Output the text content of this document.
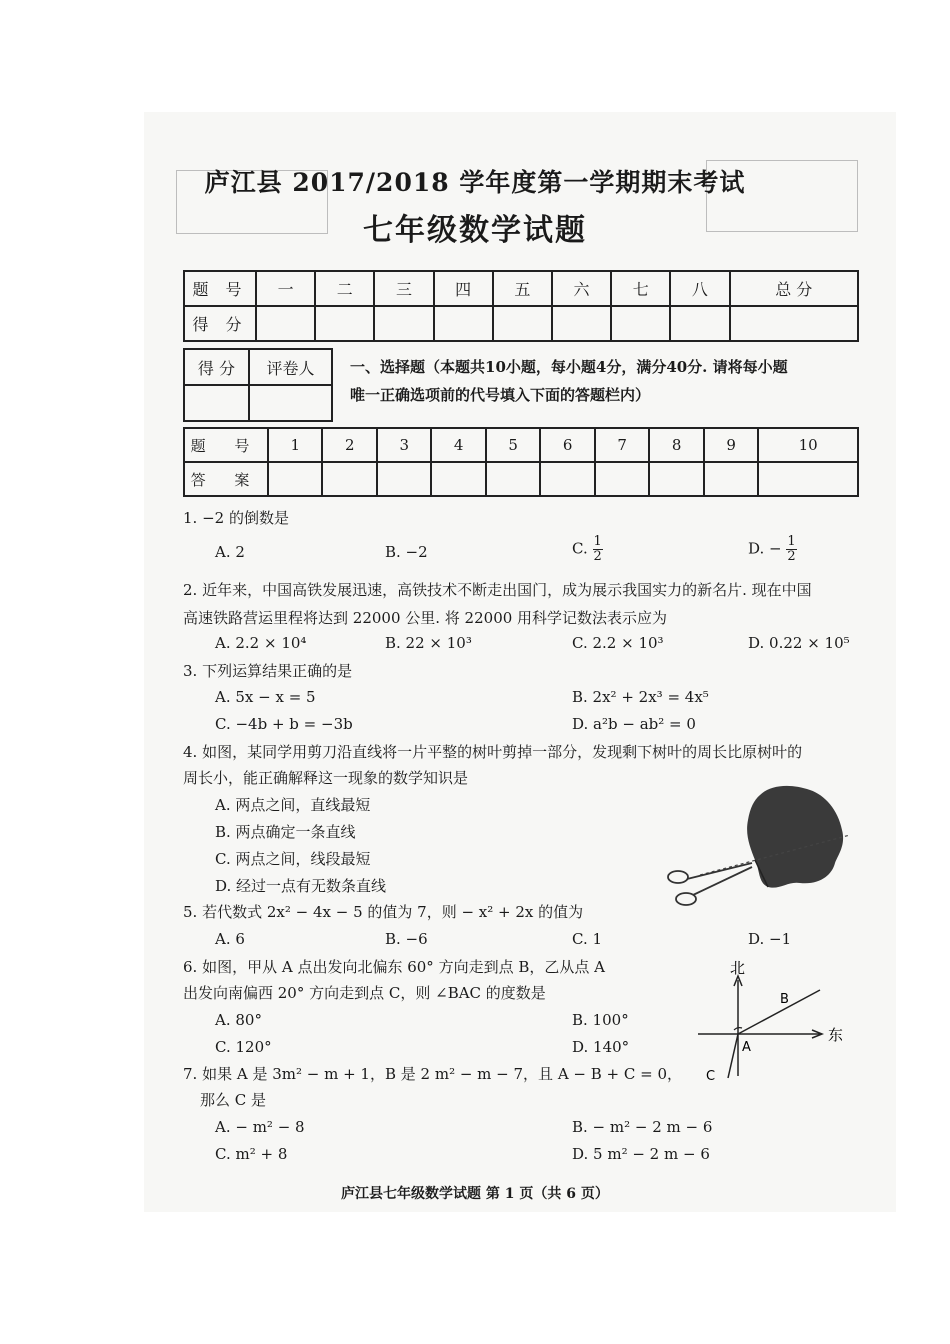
庐江县 2017/2018 学年度第一学期期末考试
七年级数学试题
题 号	一	二	三	四	五	六	七	八	总 分
得 分									
得 分	评卷人
	一、选择题（本题共10小题，每小题4分，满分40分. 请将每小题
唯一正确选项前的代号填入下面的答题栏内）
题 号	1	2	3	4	5	6	7	8	9	10
答 案										
1. −2 的倒数是
A. 2	B. −2	C. $\frac{1}{2}$	D. − $\frac{1}{2}$
2. 近年来，中国高铁发展迅速，高铁技术不断走出国门，成为展示我国实力的新名片. 现在中国
高速铁路营运里程将达到 22000 公里. 将 22000 用科学记数法表示应为
A. 2.2 × 10⁴	B. 22 × 10³	C. 2.2 × 10³	D. 0.22 × 10⁵
3. 下列运算结果正确的是
A. 5x − x = 5	B. 2x² + 2x³ = 4x⁵
C. −4b + b = −3b	D. a²b − ab² = 0
4. 如图，某同学用剪刀沿直线将一片平整的树叶剪掉一部分，发现剩下树叶的周长比原树叶的
周长小，能正确解释这一现象的数学知识是
A. 两点之间，直线最短
B. 两点确定一条直线
C. 两点之间，线段最短
D. 经过一点有无数条直线
5. 若代数式 2x² − 4x − 5 的值为 7，则 − x² + 2x 的值为
A. 6	B. −6	C. 1	D. −1
6. 如图，甲从 A 点出发向北偏东 60° 方向走到点 B，乙从点 A
出发向南偏西 20° 方向走到点 C，则 ∠BAC 的度数是
A. 80°	B. 100°
C. 120°	D. 140°
北
东
A
B
C
7. 如果 A 是 3m² − m + 1，B 是 2 m² − m − 7，且 A − B + C = 0，
那么 C 是
A. − m² − 8	B. − m² − 2 m − 6
C. m² + 8	D. 5 m² − 2 m − 6
庐江县七年级数学试题 第 1 页（共 6 页）
